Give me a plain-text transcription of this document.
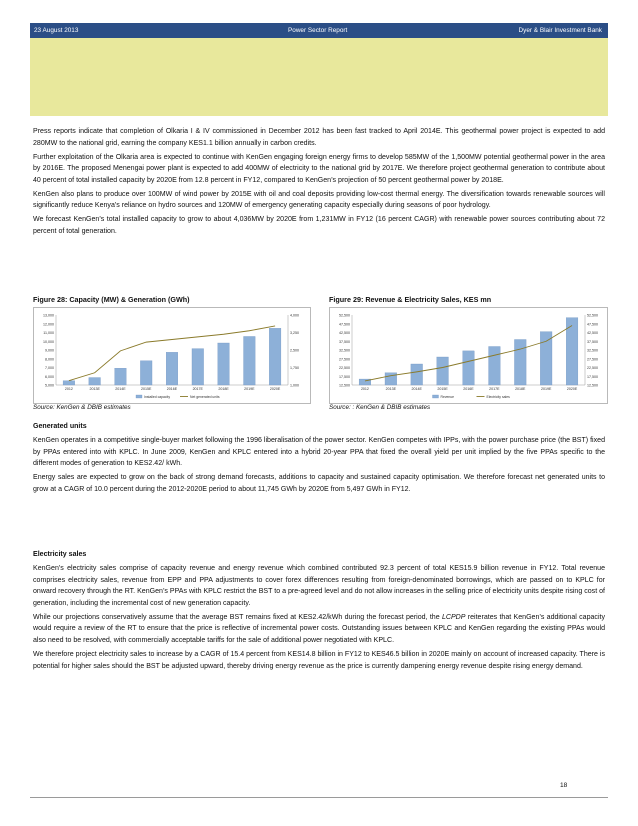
23 August 2013	Power Sector Report	Dyer & Blair Investment Bank

Press reports indicate that completion of Olkaria I & IV commissioned in December 2012 has been fast tracked to April 2014E. This geothermal power project is expected to add 280MW to the national grid, earning the company KES1.1 billion annually in carbon credits.

Further exploitation of the Olkaria area is expected to continue with KenGen engaging foreign energy firms to develop 585MW of the 1,500MW potential geothermal power in the area by 2016E. The proposed Menengai power plant is expected to add 400MW of electricity to the national grid by 2017E. We therefore project geothermal generation to contribute about 40 percent of total installed capacity by 2020E from 12.8 percent in FY12, compared to KenGen’s projection of 50 percent geothermal power by 2018E.

KenGen also plans to produce over 100MW of wind power by 2015E with oil and coal deposits providing low-cost thermal energy. The diversification towards renewable sources will significantly reduce Kenya’s reliance on hydro sources and 120MW of emergency generating capacity especially during seasons of poor hydrology.

We forecast KenGen’s total installed capacity to grow to about 4,036MW by 2020E from 1,231MW in FY12 (16 percent CAGR) with renewable power sources contributing about 72 percent of total generation.

Figure 28: Capacity (MW) & Generation (GWh)
5,000
6,000
7,000
8,000
9,000
10,000
11,000
12,000
13,000
1,000
1,750
2,500
3,250
4,000
2012	2013E	2014E	2015E	2016E	2017E	2018E	2019E	2020E
Installed capacity	Net generated units
Source: KenGen & DBIB estimates
Figure 29: Revenue & Electricity Sales, KES mn
12,500
17,500
22,500
27,500
32,500
37,500
42,500
47,500
52,500
12,500
17,500
22,500
27,500
32,500
37,500
42,500
47,500
52,500
2012	2013E	2014E	2015E	2016E	2017E	2018E	2019E	2020E
Revenue	Electricity sales
Source: : KenGen & DBIB estimates

Generated units

KenGen operates in a competitive single-buyer market following the 1996 liberalisation of the power sector. KenGen competes with IPPs, with the power purchase price (the BST) fixed by PPAs entered into with KPLC. In June 2009, KenGen and KPLC entered into a hybrid 20-year PPA that fixed the overall yield per unit implied by the five PPAs specific to the different modes of generation to KES2.42/ kWh.

Energy sales are expected to grow on the back of strong demand forecasts, additions to capacity and sustained capacity optimisation. We therefore forecast net generated units to grow at a CAGR of 10.0 percent during the 2012-2020E period to about 11,745 GWh by 2020E from 5,497 GWh in FY12.

Electricity sales

KenGen’s electricity sales comprise of capacity revenue and energy revenue which combined contributed 92.3 percent of total KES15.9 billion revenue in FY12. Total revenue comprises electricity sales, revenue from EPP and PPA adjustments to cover forex differences resulting from foreign-denominated borrowings, which are passed on to KPLC for onward recovery through the RT. KenGen’s PPAs with KPLC restrict the BST to a pre-agreed level and do not allow increases in the selling price of electricity units despite rising cost of generation, including the incremental cost of new generation capacity.

While our projections conservatively assume that the average BST remains fixed at KES2.42/kWh during the forecast period, the LCPDP reiterates that KenGen’s additional capacity would require a review of the RT to ensure that the price is reflective of incremental power costs. Outstanding issues between KPLC and KenGen regarding the existing PPAs would also need to be resolved, with commercially acceptable tariffs for the sale of additional power negotiated with KPLC.

We therefore project electricity sales to increase by a CAGR of 15.4 percent from KES14.8 billion in FY12 to KES46.5 billion in 2020E mainly on account of increased capacity. There is potential for higher sales should the BST be adjusted upward, thereby driving energy revenue as the price is currently dampening energy revenue despite rising energy demand.

18
